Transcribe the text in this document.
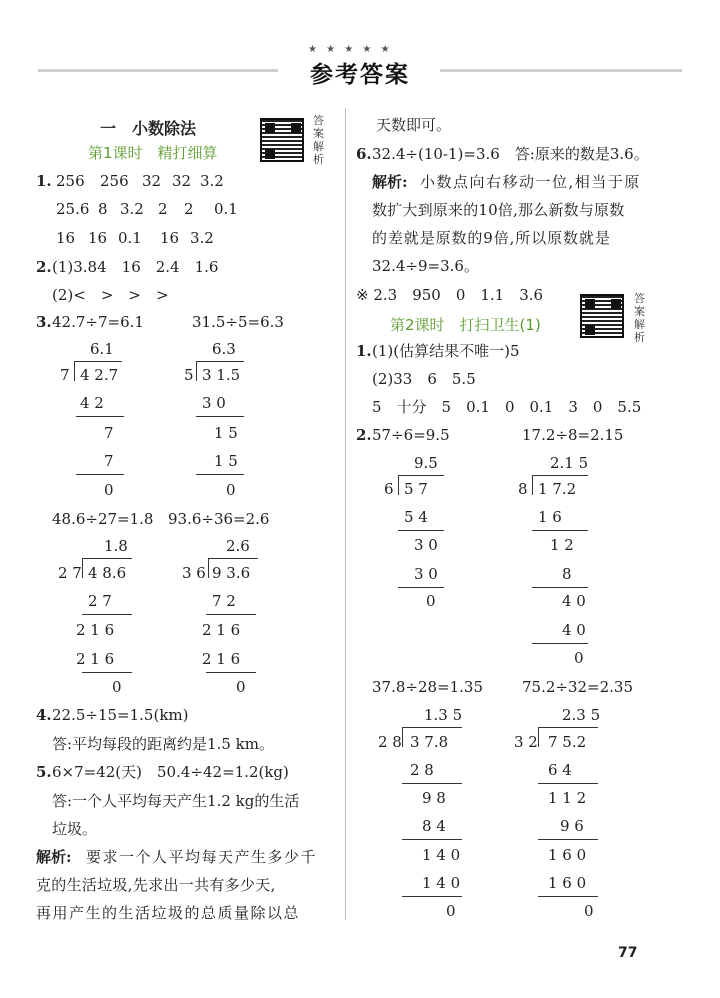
★ ★ ★ ★ ★
参考答案
一　小数除法
第1课时　精打细算
答案解析
1. 256 256 32 32 3.2
25.6 8 3.2 2 2 0.1
16 16 0.1 16 3.2
2. (1)3.84　16　2.4　1.6
(2)<　>　>　>
3. 42.7÷7=6.1	31.5÷5=6.3
6.1
7 4 2.7
4 2
7
7
0
6.3
5 3 1.5
3 0
1 5
1 5
0
48.6÷27=1.8 93.6÷36=2.6
1.8
2 7 4 8.6
2 7
2 1 6
2 1 6
0
2.6
3 6 9 3.6
7 2
2 1 6
2 1 6
0
4. 22.5÷15=1.5(km)
答:平均每段的距离约是1.5 km。
5. 6×7=42(天)　50.4÷42=1.2(kg)
答:一个人平均每天产生1.2 kg的生活
垃圾。
解析: 要求一个人平均每天产生多少千
克的生活垃圾,先求出一共有多少天,
再用产生的生活垃圾的总质量除以总
天数即可。
6. 32.4÷(10-1)=3.6　答:原来的数是3.6。
解析: 小数点向右移动一位,相当于原
数扩大到原来的10倍,那么新数与原数
的差就是原数的9倍,所以原数就是
32.4÷9=3.6。
※ 2.3　950　0　1.1　3.6
第2课时　打扫卫生(1)
答案解析
1. (1)(估算结果不唯一)5
(2)33　6　5.5
5　十分　5　0.1　0　0.1　3　0　5.5
2. 57÷6=9.5	17.2÷8=2.15
9.5
6 5 7
5 4
3 0
3 0
0
2.1 5
8 1 7.2
1 6
1 2
8
4 0
4 0
0
37.8÷28=1.35	75.2÷32=2.35
1.3 5
2 8 3 7.8
2 8
9 8
8 4
1 4 0
1 4 0
0
2.3 5
3 2 7 5.2
6 4
1 1 2
9 6
1 6 0
1 6 0
0
77
